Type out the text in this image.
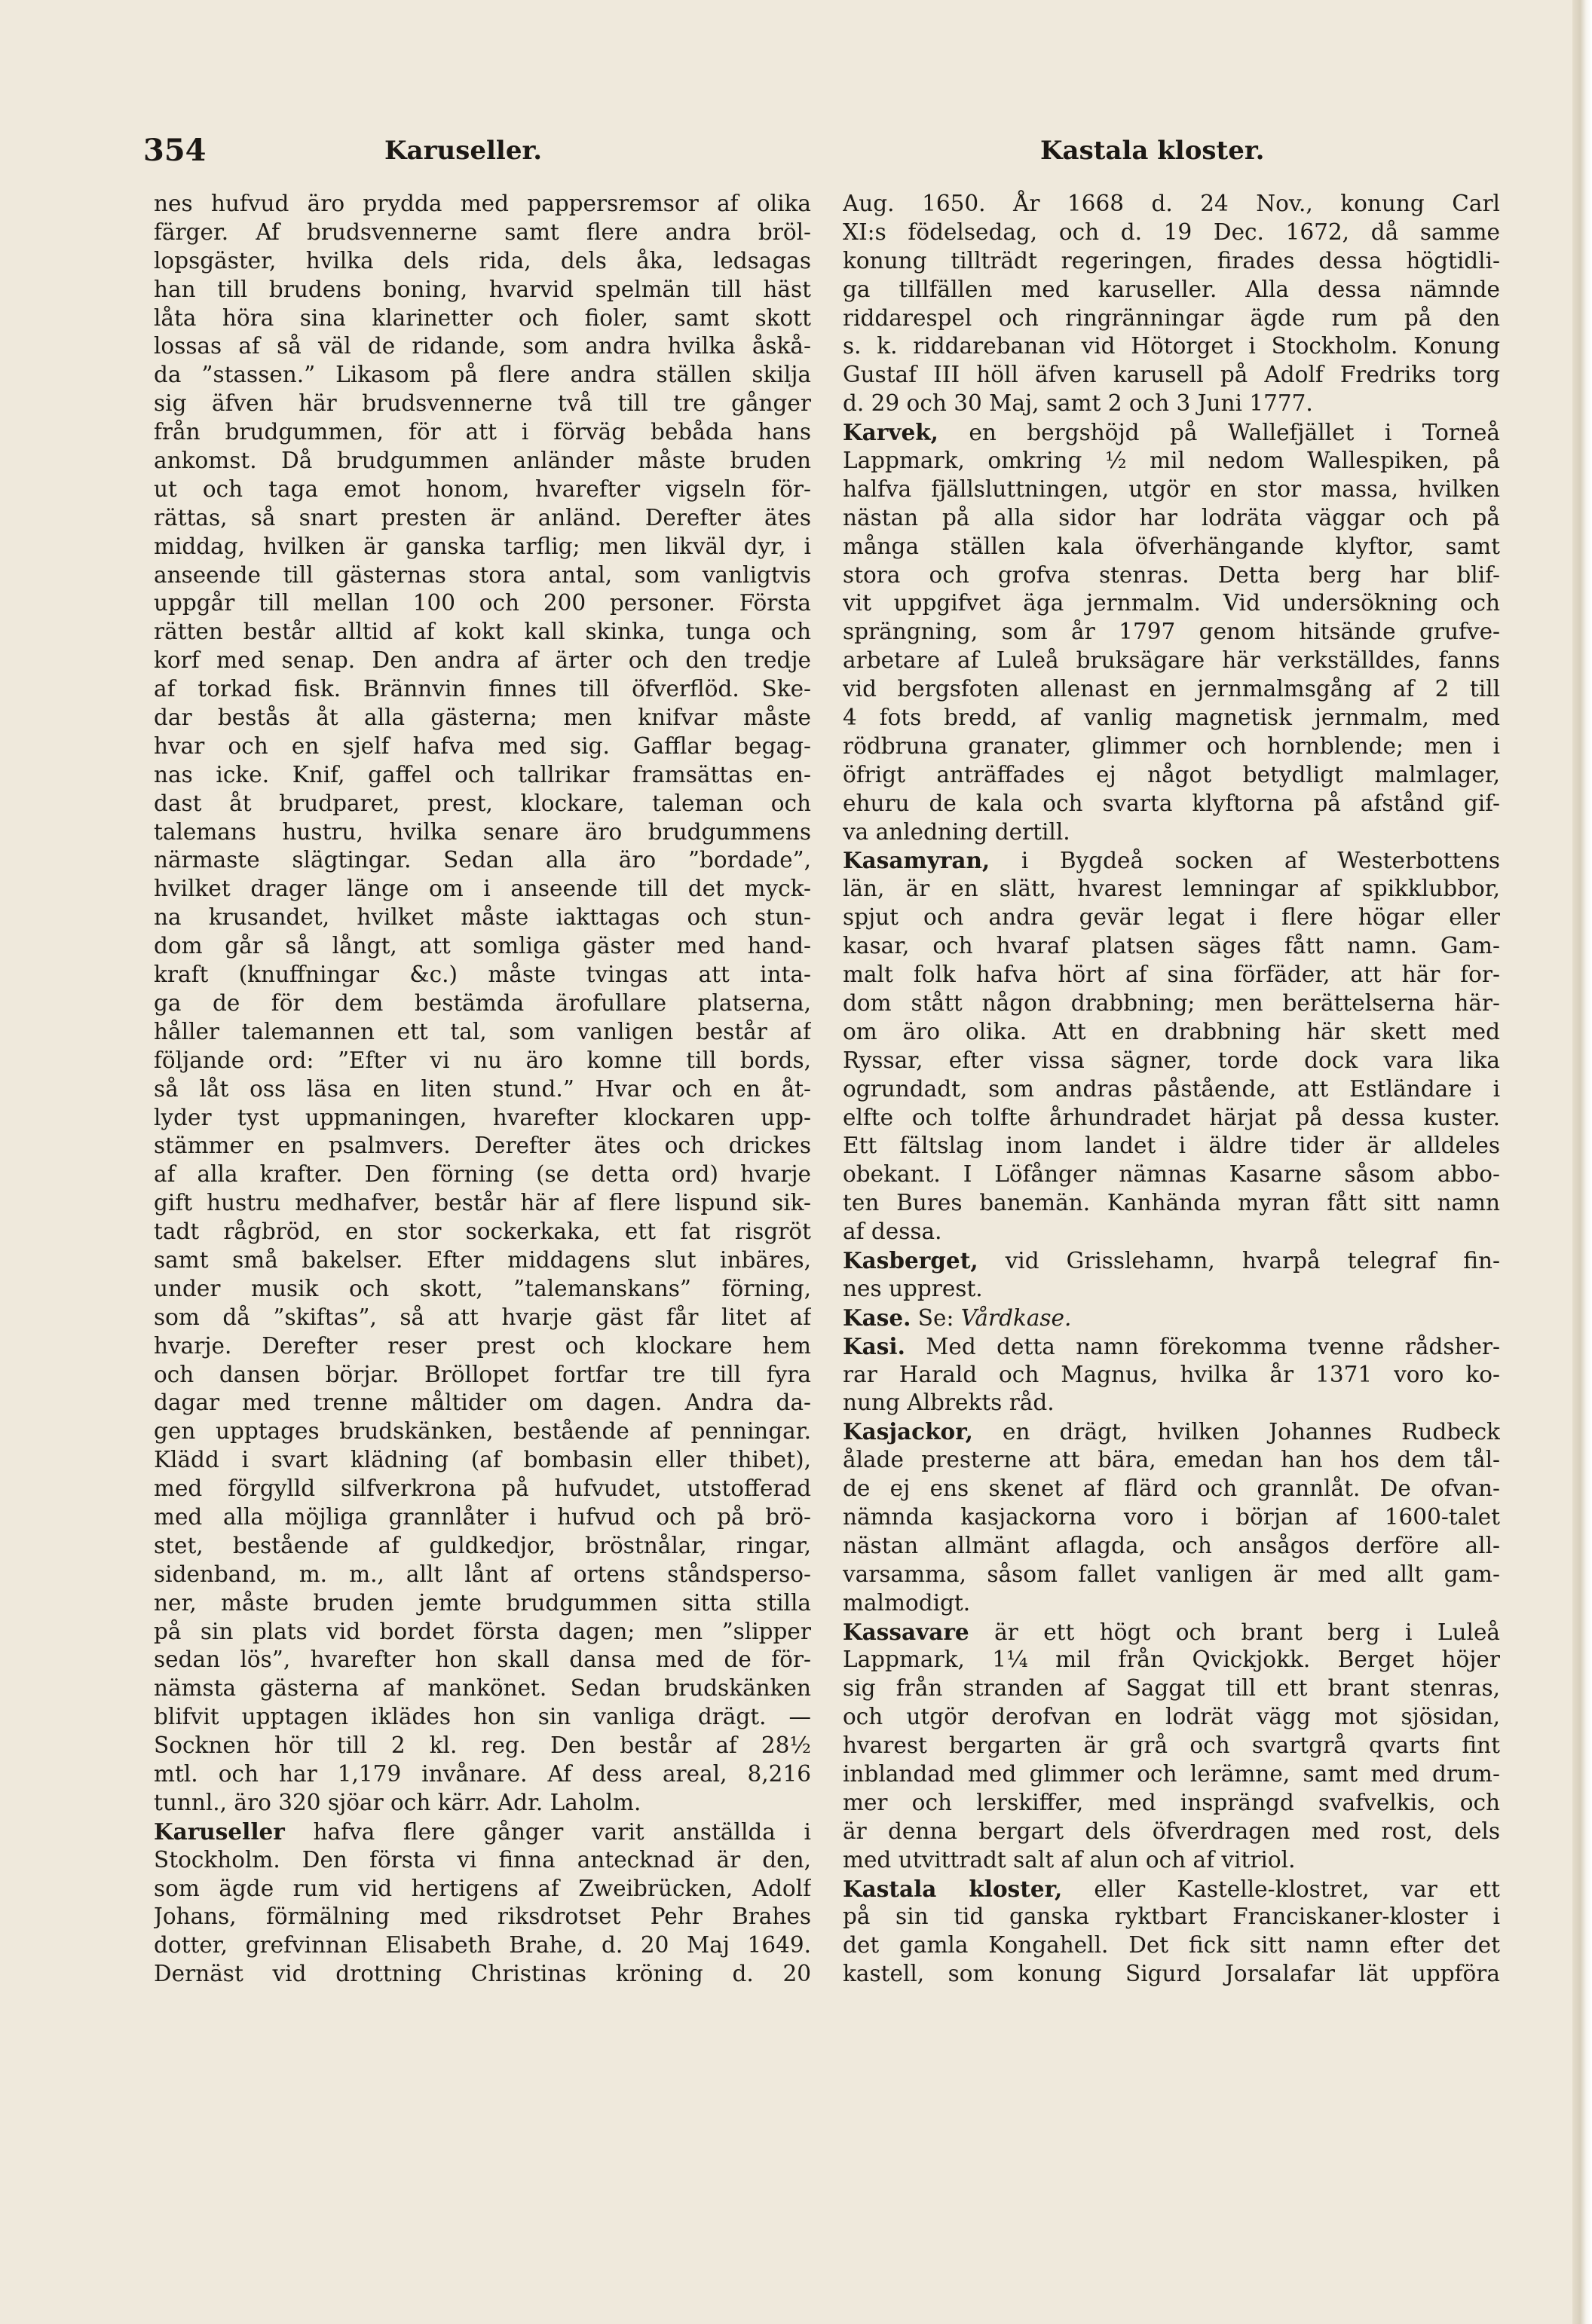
354	Karuseller.	Kastala kloster.
nes hufvud äro prydda med pappersremsor af olika
färger. Af brudsvennerne samt flere andra bröl-
lopsgäster, hvilka dels rida, dels åka, ledsagas
han till brudens boning, hvarvid spelmän till häst
låta höra sina klarinetter och fioler, samt skott
lossas af så väl de ridande, som andra hvilka åskå-
da ”stassen.” Likasom på flere andra ställen skilja
sig äfven här brudsvennerne två till tre gånger
från brudgummen, för att i förväg bebåda hans
ankomst. Då brudgummen anländer måste bruden
ut och taga emot honom, hvarefter vigseln för-
rättas, så snart presten är anländ. Derefter ätes
middag, hvilken är ganska tarflig; men likväl dyr, i
anseende till gästernas stora antal, som vanligtvis
uppgår till mellan 100 och 200 personer. Första
rätten består alltid af kokt kall skinka, tunga och
korf med senap. Den andra af ärter och den tredje
af torkad fisk. Brännvin finnes till öfverflöd. Ske-
dar bestås åt alla gästerna; men knifvar måste
hvar och en sjelf hafva med sig. Gafflar begag-
nas icke. Knif, gaffel och tallrikar framsättas en-
dast åt brudparet, prest, klockare, taleman och
talemans hustru, hvilka senare äro brudgummens
närmaste slägtingar. Sedan alla äro ”bordade”,
hvilket drager länge om i anseende till det myck-
na krusandet, hvilket måste iakttagas och stun-
dom går så långt, att somliga gäster med hand-
kraft (knuffningar &c.) måste tvingas att inta-
ga de för dem bestämda ärofullare platserna,
håller talemannen ett tal, som vanligen består af
följande ord: ”Efter vi nu äro komne till bords,
så låt oss läsa en liten stund.” Hvar och en åt-
lyder tyst uppmaningen, hvarefter klockaren upp-
stämmer en psalmvers. Derefter ätes och drickes
af alla krafter. Den förning (se detta ord) hvarje
gift hustru medhafver, består här af flere lispund sik-
tadt rågbröd, en stor sockerkaka, ett fat risgröt
samt små bakelser. Efter middagens slut inbäres,
under musik och skott, ”talemanskans” förning,
som då ”skiftas”, så att hvarje gäst får litet af
hvarje. Derefter reser prest och klockare hem
och dansen börjar. Bröllopet fortfar tre till fyra
dagar med trenne måltider om dagen. Andra da-
gen upptages brudskänken, bestående af penningar.
Klädd i svart klädning (af bombasin eller thibet),
med förgylld silfverkrona på hufvudet, utstofferad
med alla möjliga grannlåter i hufvud och på brö-
stet, bestående af guldkedjor, bröstnålar, ringar,
sidenband, m. m., allt lånt af ortens ståndsperso-
ner, måste bruden jemte brudgummen sitta stilla
på sin plats vid bordet första dagen; men ”slipper
sedan lös”, hvarefter hon skall dansa med de för-
nämsta gästerna af mankönet. Sedan brudskänken
blifvit upptagen iklädes hon sin vanliga drägt. —
Socknen hör till 2 kl. reg. Den består af 28½
mtl. och har 1,179 invånare. Af dess areal, 8,216
tunnl., äro 320 sjöar och kärr. Adr. Laholm.
Karuseller hafva flere gånger varit anställda i
Stockholm. Den första vi finna antecknad är den,
som ägde rum vid hertigens af Zweibrücken, Adolf
Johans, förmälning med riksdrotset Pehr Brahes
dotter, grefvinnan Elisabeth Brahe, d. 20 Maj 1649.
Dernäst vid drottning Christinas kröning d. 20
Aug. 1650. År 1668 d. 24 Nov., konung Carl
XI:s födelsedag, och d. 19 Dec. 1672, då samme
konung tillträdt regeringen, firades dessa högtidli-
ga tillfällen med karuseller. Alla dessa nämnde
riddarespel och ringränningar ägde rum på den
s. k. riddarebanan vid Hötorget i Stockholm. Konung
Gustaf III höll äfven karusell på Adolf Fredriks torg
d. 29 och 30 Maj, samt 2 och 3 Juni 1777.
Karvek, en bergshöjd på Wallefjället i Torneå
Lappmark, omkring ½ mil nedom Wallespiken, på
halfva fjällsluttningen, utgör en stor massa, hvilken
nästan på alla sidor har lodräta väggar och på
många ställen kala öfverhängande klyftor, samt
stora och grofva stenras. Detta berg har blif-
vit uppgifvet äga jernmalm. Vid undersökning och
sprängning, som år 1797 genom hitsände grufve-
arbetare af Luleå bruksägare här verkställdes, fanns
vid bergsfoten allenast en jernmalmsgång af 2 till
4 fots bredd, af vanlig magnetisk jernmalm, med
rödbruna granater, glimmer och hornblende; men i
öfrigt anträffades ej något betydligt malmlager,
ehuru de kala och svarta klyftorna på afstånd gif-
va anledning dertill.
Kasamyran, i Bygdeå socken af Westerbottens
län, är en slätt, hvarest lemningar af spikklubbor,
spjut och andra gevär legat i flere högar eller
kasar, och hvaraf platsen säges fått namn. Gam-
malt folk hafva hört af sina förfäder, att här for-
dom stått någon drabbning; men berättelserna här-
om äro olika. Att en drabbning här skett med
Ryssar, efter vissa sägner, torde dock vara lika
ogrundadt, som andras påstående, att Estländare i
elfte och tolfte århundradet härjat på dessa kuster.
Ett fältslag inom landet i äldre tider är alldeles
obekant. I Löfånger nämnas Kasarne såsom abbo-
ten Bures banemän. Kanhända myran fått sitt namn
af dessa.
Kasberget, vid Grisslehamn, hvarpå telegraf fin-
nes upprest.
Kase. Se: Vårdkase.
Kasi. Med detta namn förekomma tvenne rådsher-
rar Harald och Magnus, hvilka år 1371 voro ko-
nung Albrekts råd.
Kasjackor, en drägt, hvilken Johannes Rudbeck
ålade presterne att bära, emedan han hos dem tål-
de ej ens skenet af flärd och grannlåt. De ofvan-
nämnda kasjackorna voro i början af 1600-talet
nästan allmänt aflagda, och ansågos derföre all-
varsamma, såsom fallet vanligen är med allt gam-
malmodigt.
Kassavare är ett högt och brant berg i Luleå
Lappmark, 1¼ mil från Qvickjokk. Berget höjer
sig från stranden af Saggat till ett brant stenras,
och utgör derofvan en lodrät vägg mot sjösidan,
hvarest bergarten är grå och svartgrå qvarts fint
inblandad med glimmer och lerämne, samt med drum-
mer och lerskiffer, med insprängd svafvelkis, och
är denna bergart dels öfverdragen med rost, dels
med utvittradt salt af alun och af vitriol.
Kastala kloster, eller Kastelle-klostret, var ett
på sin tid ganska ryktbart Franciskaner-kloster i
det gamla Kongahell. Det fick sitt namn efter det
kastell, som konung Sigurd Jorsalafar lät uppföra
